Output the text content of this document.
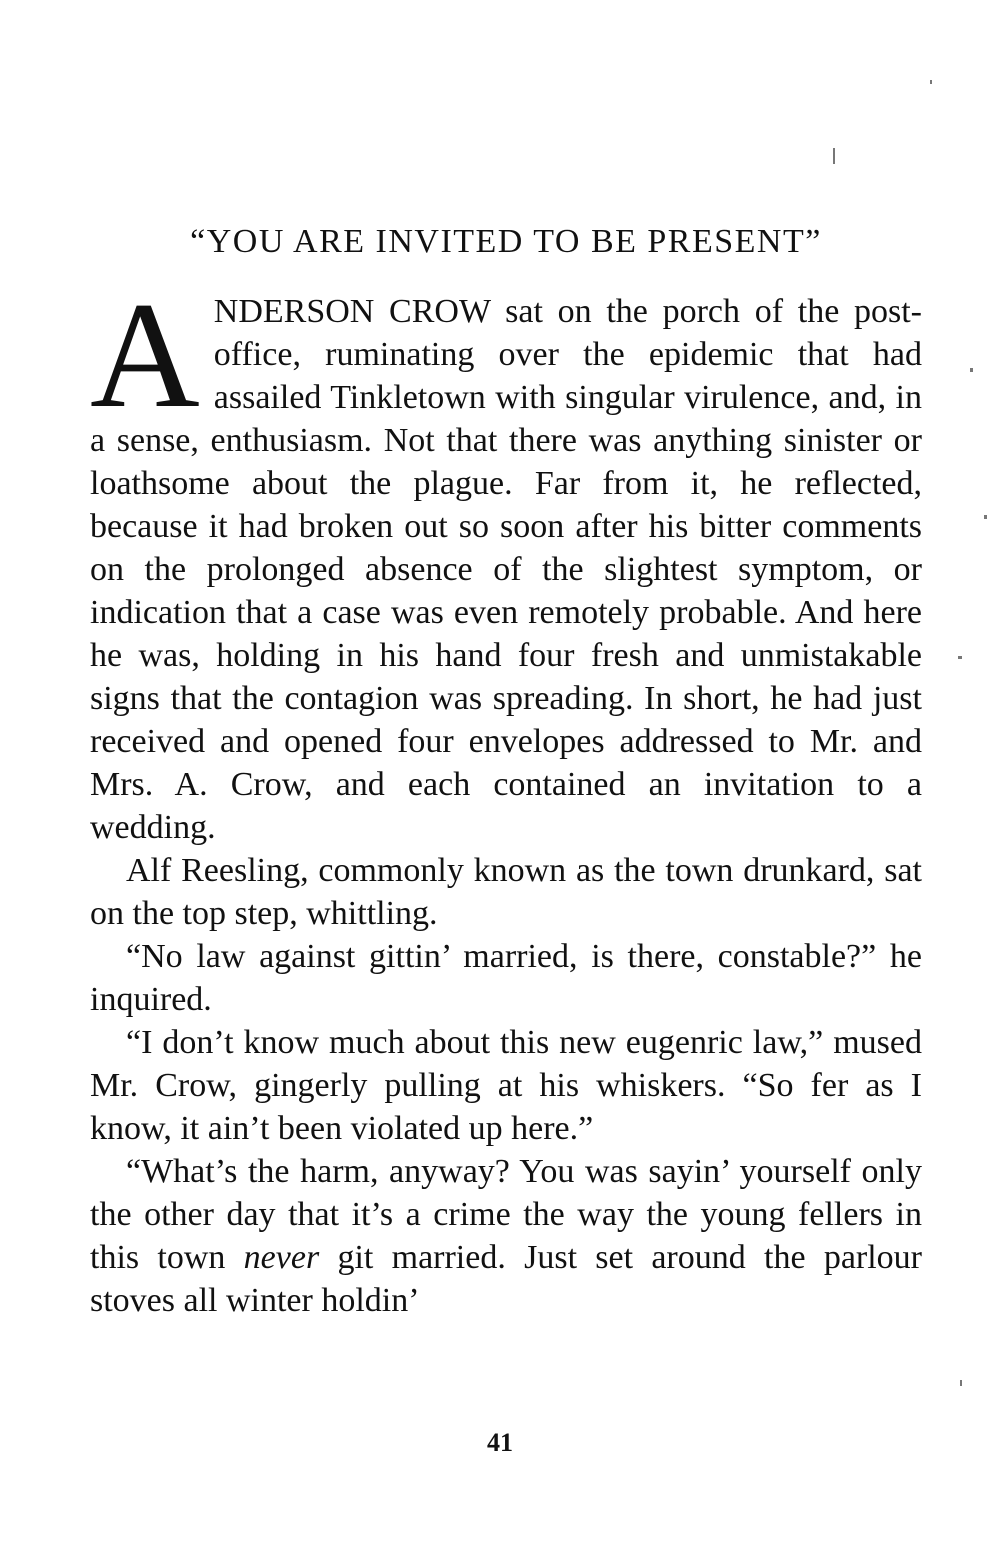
“YOU ARE INVITED TO BE PRESENT”

ANDERSON CROW sat on the porch of the post-office, ruminating over the epidemic that had assailed Tinkletown with singular virulence, and, in a sense, enthusiasm. Not that there was anything sinister or loathsome about the plague. Far from it, he reflected, because it had broken out so soon after his bitter comments on the prolonged absence of the slightest symptom, or indication that a case was even remotely probable. And here he was, holding in his hand four fresh and unmistakable signs that the contagion was spreading. In short, he had just received and opened four envelopes addressed to Mr. and Mrs. A. Crow, and each contained an invitation to a wedding.

Alf Reesling, commonly known as the town drunkard, sat on the top step, whittling.

“No law against gittin’ married, is there, constable?” he inquired.

“I don’t know much about this new eugenric law,” mused Mr. Crow, gingerly pulling at his whiskers. “So fer as I know, it ain’t been violated up here.”

“What’s the harm, anyway? You was sayin’ yourself only the other day that it’s a crime the way the young fellers in this town never git married. Just set around the parlour stoves all winter holdin’

41
